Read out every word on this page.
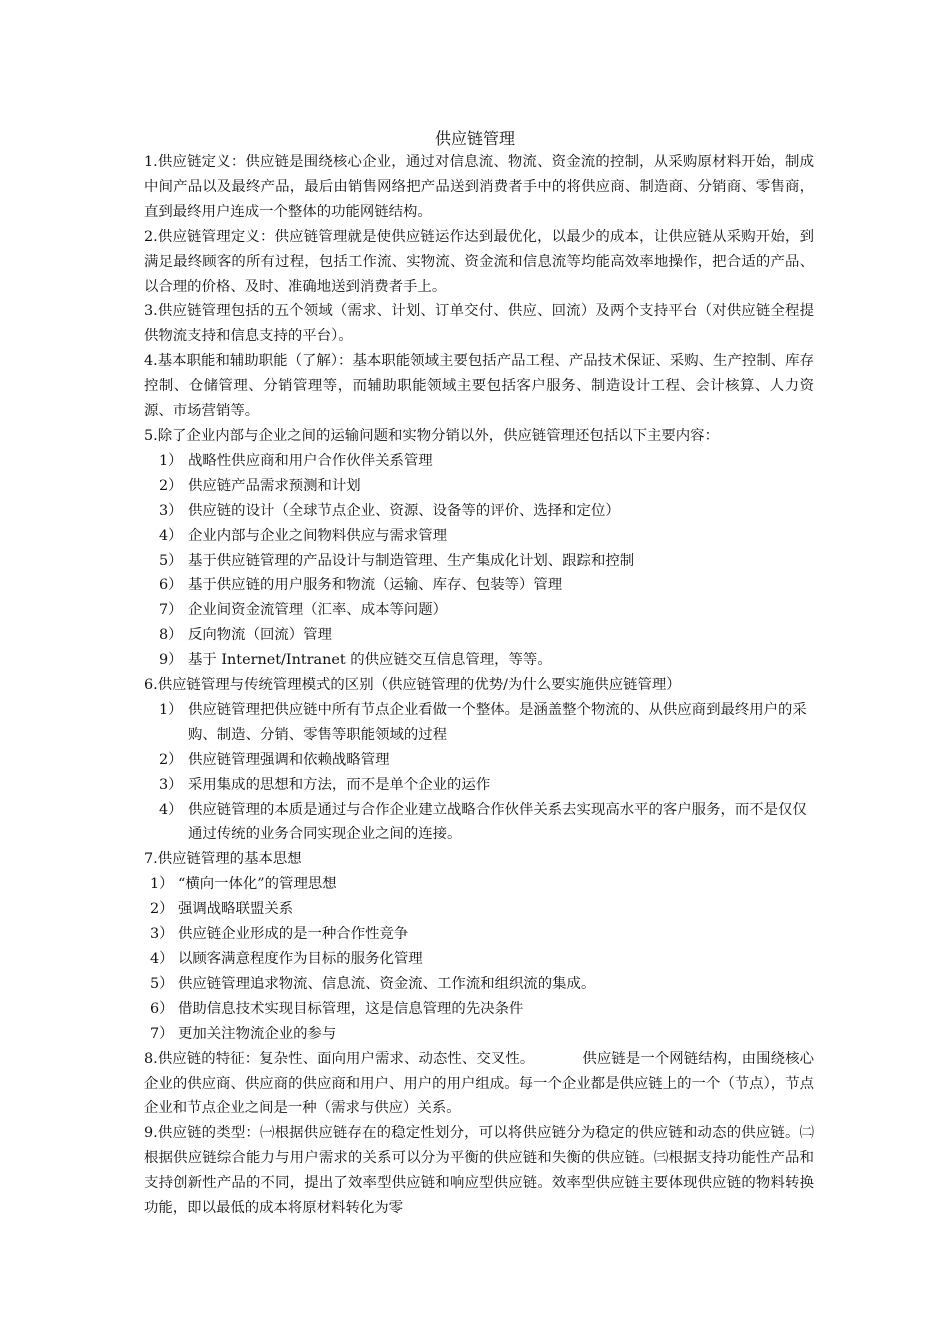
供应链管理

1.供应链定义：供应链是围绕核心企业，通过对信息流、物流、资金流的控制，从采购原材料开始，制成中间产品以及最终产品，最后由销售网络把产品送到消费者手中的将供应商、制造商、分销商、零售商，直到最终用户连成一个整体的功能网链结构。

2.供应链管理定义：供应链管理就是使供应链运作达到最优化，以最少的成本，让供应链从采购开始，到满足最终顾客的所有过程，包括工作流、实物流、资金流和信息流等均能高效率地操作，把合适的产品、以合理的价格、及时、准确地送到消费者手上。

3.供应链管理包括的五个领域（需求、计划、订单交付、供应、回流）及两个支持平台（对供应链全程提供物流支持和信息支持的平台）。

4.基本职能和辅助职能（了解）：基本职能领域主要包括产品工程、产品技术保证、采购、生产控制、库存控制、仓储管理、分销管理等，而辅助职能领域主要包括客户服务、制造设计工程、会计核算、人力资源、市场营销等。

5.除了企业内部与企业之间的运输问题和实物分销以外，供应链管理还包括以下主要内容：

1） 战略性供应商和用户合作伙伴关系管理
2） 供应链产品需求预测和计划
3） 供应链的设计（全球节点企业、资源、设备等的评价、选择和定位）
4） 企业内部与企业之间物料供应与需求管理
5） 基于供应链管理的产品设计与制造管理、生产集成化计划、跟踪和控制
6） 基于供应链的用户服务和物流（运输、库存、包装等）管理
7） 企业间资金流管理（汇率、成本等问题）
8） 反向物流（回流）管理
9） 基于 Internet/Intranet 的供应链交互信息管理，等等。

6.供应链管理与传统管理模式的区别（供应链管理的优势/为什么要实施供应链管理）

1） 供应链管理把供应链中所有节点企业看做一个整体。是涵盖整个物流的、从供应商到最终用户的采购、制造、分销、零售等职能领域的过程
2） 供应链管理强调和依赖战略管理
3） 采用集成的思想和方法，而不是单个企业的运作
4） 供应链管理的本质是通过与合作企业建立战略合作伙伴关系去实现高水平的客户服务，而不是仅仅通过传统的业务合同实现企业之间的连接。

7.供应链管理的基本思想

1） “横向一体化”的管理思想
2） 强调战略联盟关系
3） 供应链企业形成的是一种合作性竞争
4） 以顾客满意程度作为目标的服务化管理
5） 供应链管理追求物流、信息流、资金流、工作流和组织流的集成。
6） 借助信息技术实现目标管理，这是信息管理的先决条件
7） 更加关注物流企业的参与

8.供应链的特征：复杂性、面向用户需求、动态性、交叉性。	供应链是一个网链结构，由围绕核心企业的供应商、供应商的供应商和用户、用户的用户组成。每一个企业都是供应链上的一个（节点），节点企业和节点企业之间是一种（需求与供应）关系。

9.供应链的类型：㈠根据供应链存在的稳定性划分，可以将供应链分为稳定的供应链和动态的供应链。㈡根据供应链综合能力与用户需求的关系可以分为平衡的供应链和失衡的供应链。㈢根据支持功能性产品和支持创新性产品的不同，提出了效率型供应链和响应型供应链。效率型供应链主要体现供应链的物料转换功能，即以最低的成本将原材料转化为零
